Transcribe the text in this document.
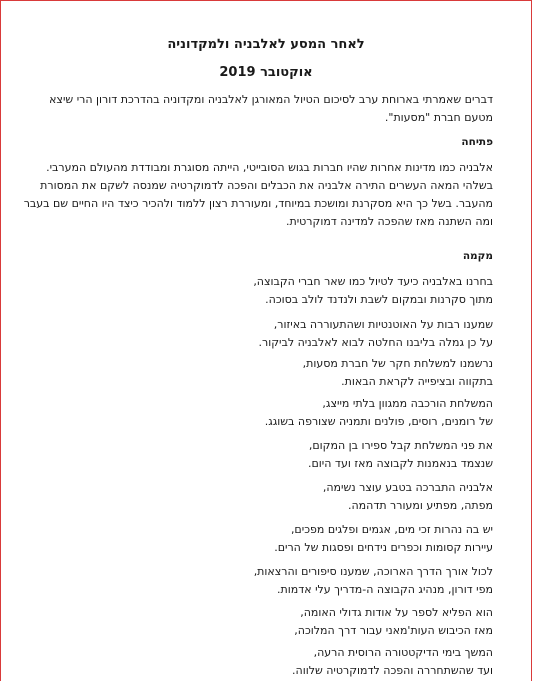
לאחר המסע לאלבניה ולמקדוניה
אוקטובר 2019
דברים שאמרתי בארוחת ערב לסיכום הטיול המאורגן לאלבניה ומקדוניה בהדרכת דורון הרי שיצא מטעם חברת "מסעות".
פתיחה
אלבניה כמו מדינות אחרות שהיו חברות בגוש הסובייטי, הייתה מסוגרת ומבודדת מהעולם המערבי. בשלהי המאה העשרים התירה אלבניה את הכבלים והפכה לדמוקרטיה שמנסה לשקם את המסורת מהעבר. בשל כך היא מסקרנת ומושכת במיוחד, ומעוררת רצון ללמוד ולהכיר כיצד היו החיים שם בעבר ומה השתנה מאז שהפכה למדינה דמוקרטית.
מקמה
בחרנו באלבניה כיעד לטיול כמו שאר חברי הקבוצה,
מתוך סקרנות ובמקום לשבת ולנדנד לולב בסוכה.
שמענו רבות על האוטנטיות ושהתעוררה באיזור,
על כן גמלה בליבנו החלטה לבוא לאלבניה לביקור.
נרשמנו למשלחת חקר של חברת מסעות,
בתקווה ובציפייה לקראת הבאות.
המשלחת הורכבה ממגוון בלתי מייצג,
של רומנים, רוסים, פולנים ותמניה שצורפה בשוגג.
את פני המשלחת קבל ספירו בן המקום,
שנצמד בנאמנות לקבוצה מאז ועד היום.
אלבניה התברכה בטבע עוצר נשימה,
מפתה, מפתיע ומעורר תדהמה.
יש בה נהרות זכי מים, אגמים ופלגים מפכים,
עיירות קסומות וכפרים נידחים ופסגות של הרים.
לכול אורך הדרך הארוכה, שמענו סיפורים והרצאות,
מפי דורון, מנהיג הקבוצה ה-מדריך עלי אדמות.
הוא הפליא לספר על אודות גדולי האומה,
מאז הכיבוש העות'מאני עבור דרך המלוכה,
המשך בימי הדיקטטורה הרוסית הרעה,
ועד שהשתחררה והפכה לדמוקרטיה שלווה.
